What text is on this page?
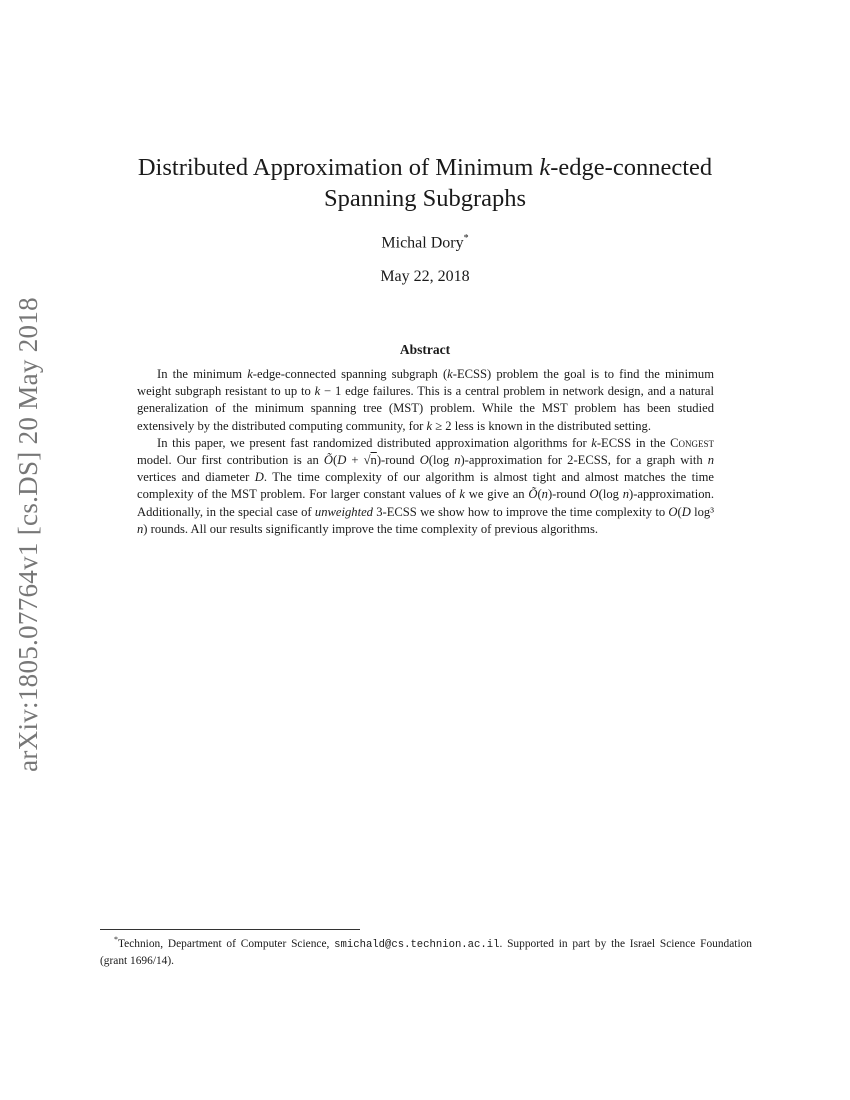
arXiv:1805.07764v1 [cs.DS] 20 May 2018
Distributed Approximation of Minimum k-edge-connected
Spanning Subgraphs
Michal Dory*
May 22, 2018
Abstract

In the minimum k-edge-connected spanning subgraph (k-ECSS) problem the goal is to find the minimum weight subgraph resistant to up to k − 1 edge failures. This is a central problem in network design, and a natural generalization of the minimum spanning tree (MST) problem. While the MST problem has been studied extensively by the distributed computing community, for k ≥ 2 less is known in the distributed setting.

In this paper, we present fast randomized distributed approximation algorithms for k-ECSS in the Congest model. Our first contribution is an Õ(D + √n)-round O(log n)-approximation for 2-ECSS, for a graph with n vertices and diameter D. The time complexity of our algorithm is almost tight and almost matches the time complexity of the MST problem. For larger constant values of k we give an Õ(n)-round O(log n)-approximation. Additionally, in the special case of unweighted 3-ECSS we show how to improve the time complexity to O(D log³ n) rounds. All our results significantly improve the time complexity of previous algorithms.

*Technion, Department of Computer Science, smichald@cs.technion.ac.il. Supported in part by the Israel Science Foundation (grant 1696/14).
